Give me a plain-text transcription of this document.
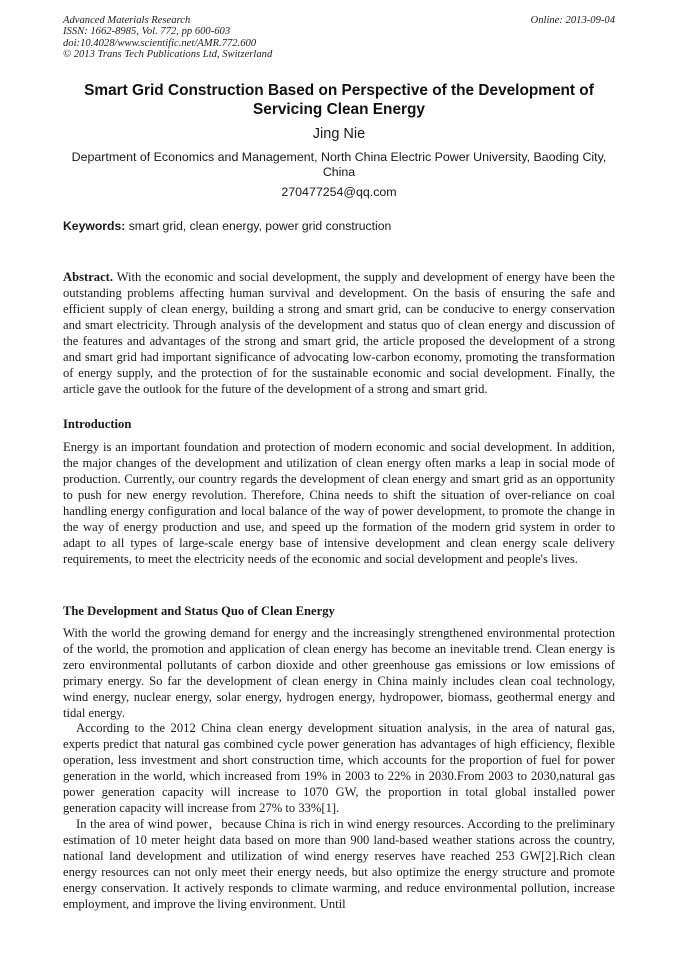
Advanced Materials Research
ISSN: 1662-8985, Vol. 772, pp 600-603
doi:10.4028/www.scientific.net/AMR.772.600
© 2013 Trans Tech Publications Ltd, Switzerland
Online: 2013-09-04
Smart Grid Construction Based on Perspective of the Development of Servicing Clean Energy
Jing Nie
Department of Economics and Management, North China Electric Power University, Baoding City, China
270477254@qq.com
Keywords: smart grid, clean energy, power grid construction

Abstract. With the economic and social development, the supply and development of energy have been the outstanding problems affecting human survival and development. On the basis of ensuring the safe and efficient supply of clean energy, building a strong and smart grid, can be conducive to energy conservation and smart electricity. Through analysis of the development and status quo of clean energy and discussion of the features and advantages of the strong and smart grid, the article proposed the development of a strong and smart grid had important significance of advocating low-carbon economy, promoting the transformation of energy supply, and the protection of for the sustainable economic and social development. Finally, the article gave the outlook for the future of the development of a strong and smart grid.

Introduction

Energy is an important foundation and protection of modern economic and social development. In addition, the major changes of the development and utilization of clean energy often marks a leap in social mode of production. Currently, our country regards the development of clean energy and smart grid as an opportunity to push for new energy revolution. Therefore, China needs to shift the situation of over-reliance on coal handling energy configuration and local balance of the way of power development, to promote the change in the way of energy production and use, and speed up the formation of the modern grid system in order to adapt to all types of large-scale energy base of intensive development and clean energy scale delivery requirements, to meet the electricity needs of the economic and social development and people's lives.

The Development and Status Quo of Clean Energy

With the world the growing demand for energy and the increasingly strengthened environmental protection of the world, the promotion and application of clean energy has become an inevitable trend. Clean energy is zero environmental pollutants of carbon dioxide and other greenhouse gas emissions or low emissions of primary energy. So far the development of clean energy in China mainly includes clean coal technology, wind energy, nuclear energy, solar energy, hydrogen energy, hydropower, biomass, geothermal energy and tidal energy.

According to the 2012 China clean energy development situation analysis, in the area of natural gas, experts predict that natural gas combined cycle power generation has advantages of high efficiency, flexible operation, less investment and short construction time, which accounts for the proportion of fuel for power generation in the world, which increased from 19% in 2003 to 22% in 2030.From 2003 to 2030,natural gas power generation capacity will increase to 1070 GW, the proportion in total global installed power generation capacity will increase from 27% to 33%[1].

In the area of wind power，because China is rich in wind energy resources. According to the preliminary estimation of 10 meter height data based on more than 900 land-based weather stations across the country, national land development and utilization of wind energy reserves have reached 253 GW[2].Rich clean energy resources can not only meet their energy needs, but also optimize the energy structure and promote energy conservation. It actively responds to climate warming, and reduce environmental pollution, increase employment, and improve the living environment. Until
